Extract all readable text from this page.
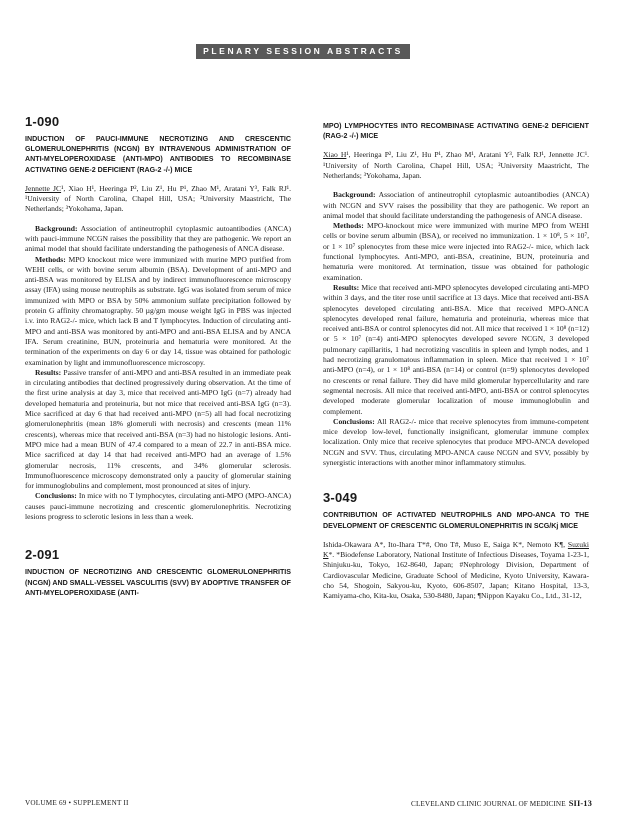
PLENARY SESSION ABSTRACTS
1-090
INDUCTION OF PAUCI-IMMUNE NECROTIZING AND CRESCENTIC GLOMERULONEPHRITIS (NCGN) BY INTRAVENOUS ADMINISTRATION OF ANTI-MYELOPEROXIDASE (ANTI-MPO) ANTIBODIES TO RECOMBINASE ACTIVATING GENE-2 DEFICIENT (RAG-2 -/-) MICE
Jennette JC¹, Xiao H¹, Heeringa P², Liu Z¹, Hu P¹, Zhao M¹, Aratani Y³, Falk RJ¹. ¹University of North Carolina, Chapel Hill, USA; ²University Maastricht, The Netherlands; ³Yokohama, Japan.

Background: Association of antineutrophil cytoplasmic autoantibodies (ANCA) with pauci-immune NCGN raises the possibility that they are pathogenic. We report an animal model that should facilitate understanding the pathogenesis of ANCA disease.

Methods: MPO knockout mice were immunized with murine MPO purified from WEHI cells, or with bovine serum albumin (BSA). Development of anti-MPO and anti-BSA was monitored by ELISA and by indirect immunofluorescence microscopy assay (IFA) using mouse neutrophils as substrate. IgG was isolated from serum of mice immunized with MPO or BSA by 50% ammonium sulfate precipitation followed by protein G affinity chromatography. 50 µg/gm mouse weight IgG in PBS was injected i.v. into RAG2-/- mice, which lack B and T lymphocytes. Induction of circulating anti-MPO and anti-BSA was monitored by anti-MPO and anti-BSA ELISA and by ANCA IFA. Serum creatinine, BUN, proteinuria and hematuria were monitored. At the termination of the experiments on day 6 or day 14, tissue was obtained for pathologic examination by light and immunofluorescence microscopy.

Results: Passive transfer of anti-MPO and anti-BSA resulted in an immediate peak in circulating antibodies that declined progressively during observation. At the time of the first urine analysis at day 3, mice that received anti-MPO IgG (n=7) already had developed hematuria and proteinuria, but not mice that received anti-BSA IgG (n=3). Mice sacrificed at day 6 that had received anti-MPO (n=5) all had focal necrotizing glomerulonephritis (mean 18% glomeruli with necrosis) and crescents (mean 11% crescents), whereas mice that received anti-BSA (n=3) had no histologic lesions. Anti-MPO mice had a mean BUN of 47.4 compared to a mean of 22.7 in anti-BSA mice. Mice sacrificed at day 14 that had received anti-MPO had an average of 1.5% glomerular necrosis, 11% crescents, and 34% glomerular sclerosis. Immunofluorescence microscopy demonstrated only a paucity of glomerular staining for immunoglobulins and complement, most pronounced at sites of injury.

Conclusions: In mice with no T lymphocytes, circulating anti-MPO (MPO-ANCA) causes pauci-immune necrotizing and crescentic glomerulonephritis. Necrotizing lesions progress to sclerotic lesions in less than a week.

2-091
INDUCTION OF NECROTIZING AND CRESCENTIC GLOMERULONEPHRITIS (NCGN) AND SMALL-VESSEL VASCULITIS (SVV) BY ADOPTIVE TRANSFER OF ANTI-MYELOPEROXIDASE (ANTI-
MPO) LYMPHOCYTES INTO RECOMBINASE ACTIVATING GENE-2 DEFICIENT (RAG-2 -/-) MICE
Xiao H¹, Heeringa P², Liu Z¹, Hu P¹, Zhao M¹, Aratani Y³, Falk RJ¹, Jennette JC¹. ¹University of North Carolina, Chapel Hill, USA; ²University Maastricht, The Netherlands; ³Yokohama, Japan.

Background: Association of antineutrophil cytoplasmic autoantibodies (ANCA) with NCGN and SVV raises the possibility that they are pathogenic. We report an animal model that should facilitate understanding the pathogenesis of ANCA disease.

Methods: MPO-knockout mice were immunized with murine MPO from WEHI cells or bovine serum albumin (BSA), or received no immunization. 1 × 10⁸, 5 × 10⁷, or 1 × 10⁷ splenocytes from these mice were injected into RAG2-/- mice, which lack functional lymphocytes. Anti-MPO, anti-BSA, creatinine, BUN, proteinuria and hematuria were monitored. At termination, tissue was obtained for pathologic examination.

Results: Mice that received anti-MPO splenocytes developed circulating anti-MPO within 3 days, and the titer rose until sacrifice at 13 days. Mice that received anti-BSA splenocytes developed circulating anti-BSA. Mice that received MPO-ANCA splenocytes developed renal failure, hematuria and proteinuria, whereas mice that received anti-BSA or control splenocytes did not. All mice that received 1 × 10⁸ (n=12) or 5 × 10⁷ (n=4) anti-MPO splenocytes developed severe NCGN, 3 developed pulmonary capillaritis, 1 had necrotizing vasculitis in spleen and lymph nodes, and 1 had necrotizing granulomatous inflammation in spleen. Mice that received 1 × 10⁷ anti-MPO (n=4), or 1 × 10⁸ anti-BSA (n=14) or control (n=9) splenocytes developed no crescents or renal failure. They did have mild glomerular hypercellularity and rare segmental necrosis. All mice that received anti-MPO, anti-BSA or control splenocytes developed moderate glomerular localization of mouse immunoglobulin and complement.

Conclusions: All RAG2-/- mice that receive splenocytes from immune-competent mice develop low-level, functionally insignificant, glomerular immune complex localization. Only mice that receive splenocytes that produce MPO-ANCA developed NCGN and SVV. Thus, circulating MPO-ANCA cause NCGN and SVV, possibly by synergistic interactions with another minor inflammatory stimulus.

3-049
CONTRIBUTION OF ACTIVATED NEUTROPHILS AND MPO-ANCA TO THE DEVELOPMENT OF CRESCENTIC GLOMERULONEPHRITIS IN SCG/Kj MICE
Ishida-Okawara A*, Ito-Ihara T*#, Ono T#, Muso E, Saiga K*, Nemoto K¶, Suzuki K*. *Biodefense Laboratory, National Institute of Infectious Diseases, Toyama 1-23-1, Shinjuku-ku, Tokyo, 162-8640, Japan; #Nephrology Division, Department of Cardiovascular Medicine, Graduate School of Medicine, Kyoto University, Kawara-cho 54, Shogoin, Sakyou-ku, Kyoto, 606-8507, Japan; Kitano Hospital, 13-3, Kamiyama-cho, Kita-ku, Osaka, 530-8480, Japan; ¶Nippon Kayaku Co., Ltd., 31-12,
VOLUME 69 • SUPPLEMENT II	CLEVELAND CLINIC JOURNAL OF MEDICINE SII-13
